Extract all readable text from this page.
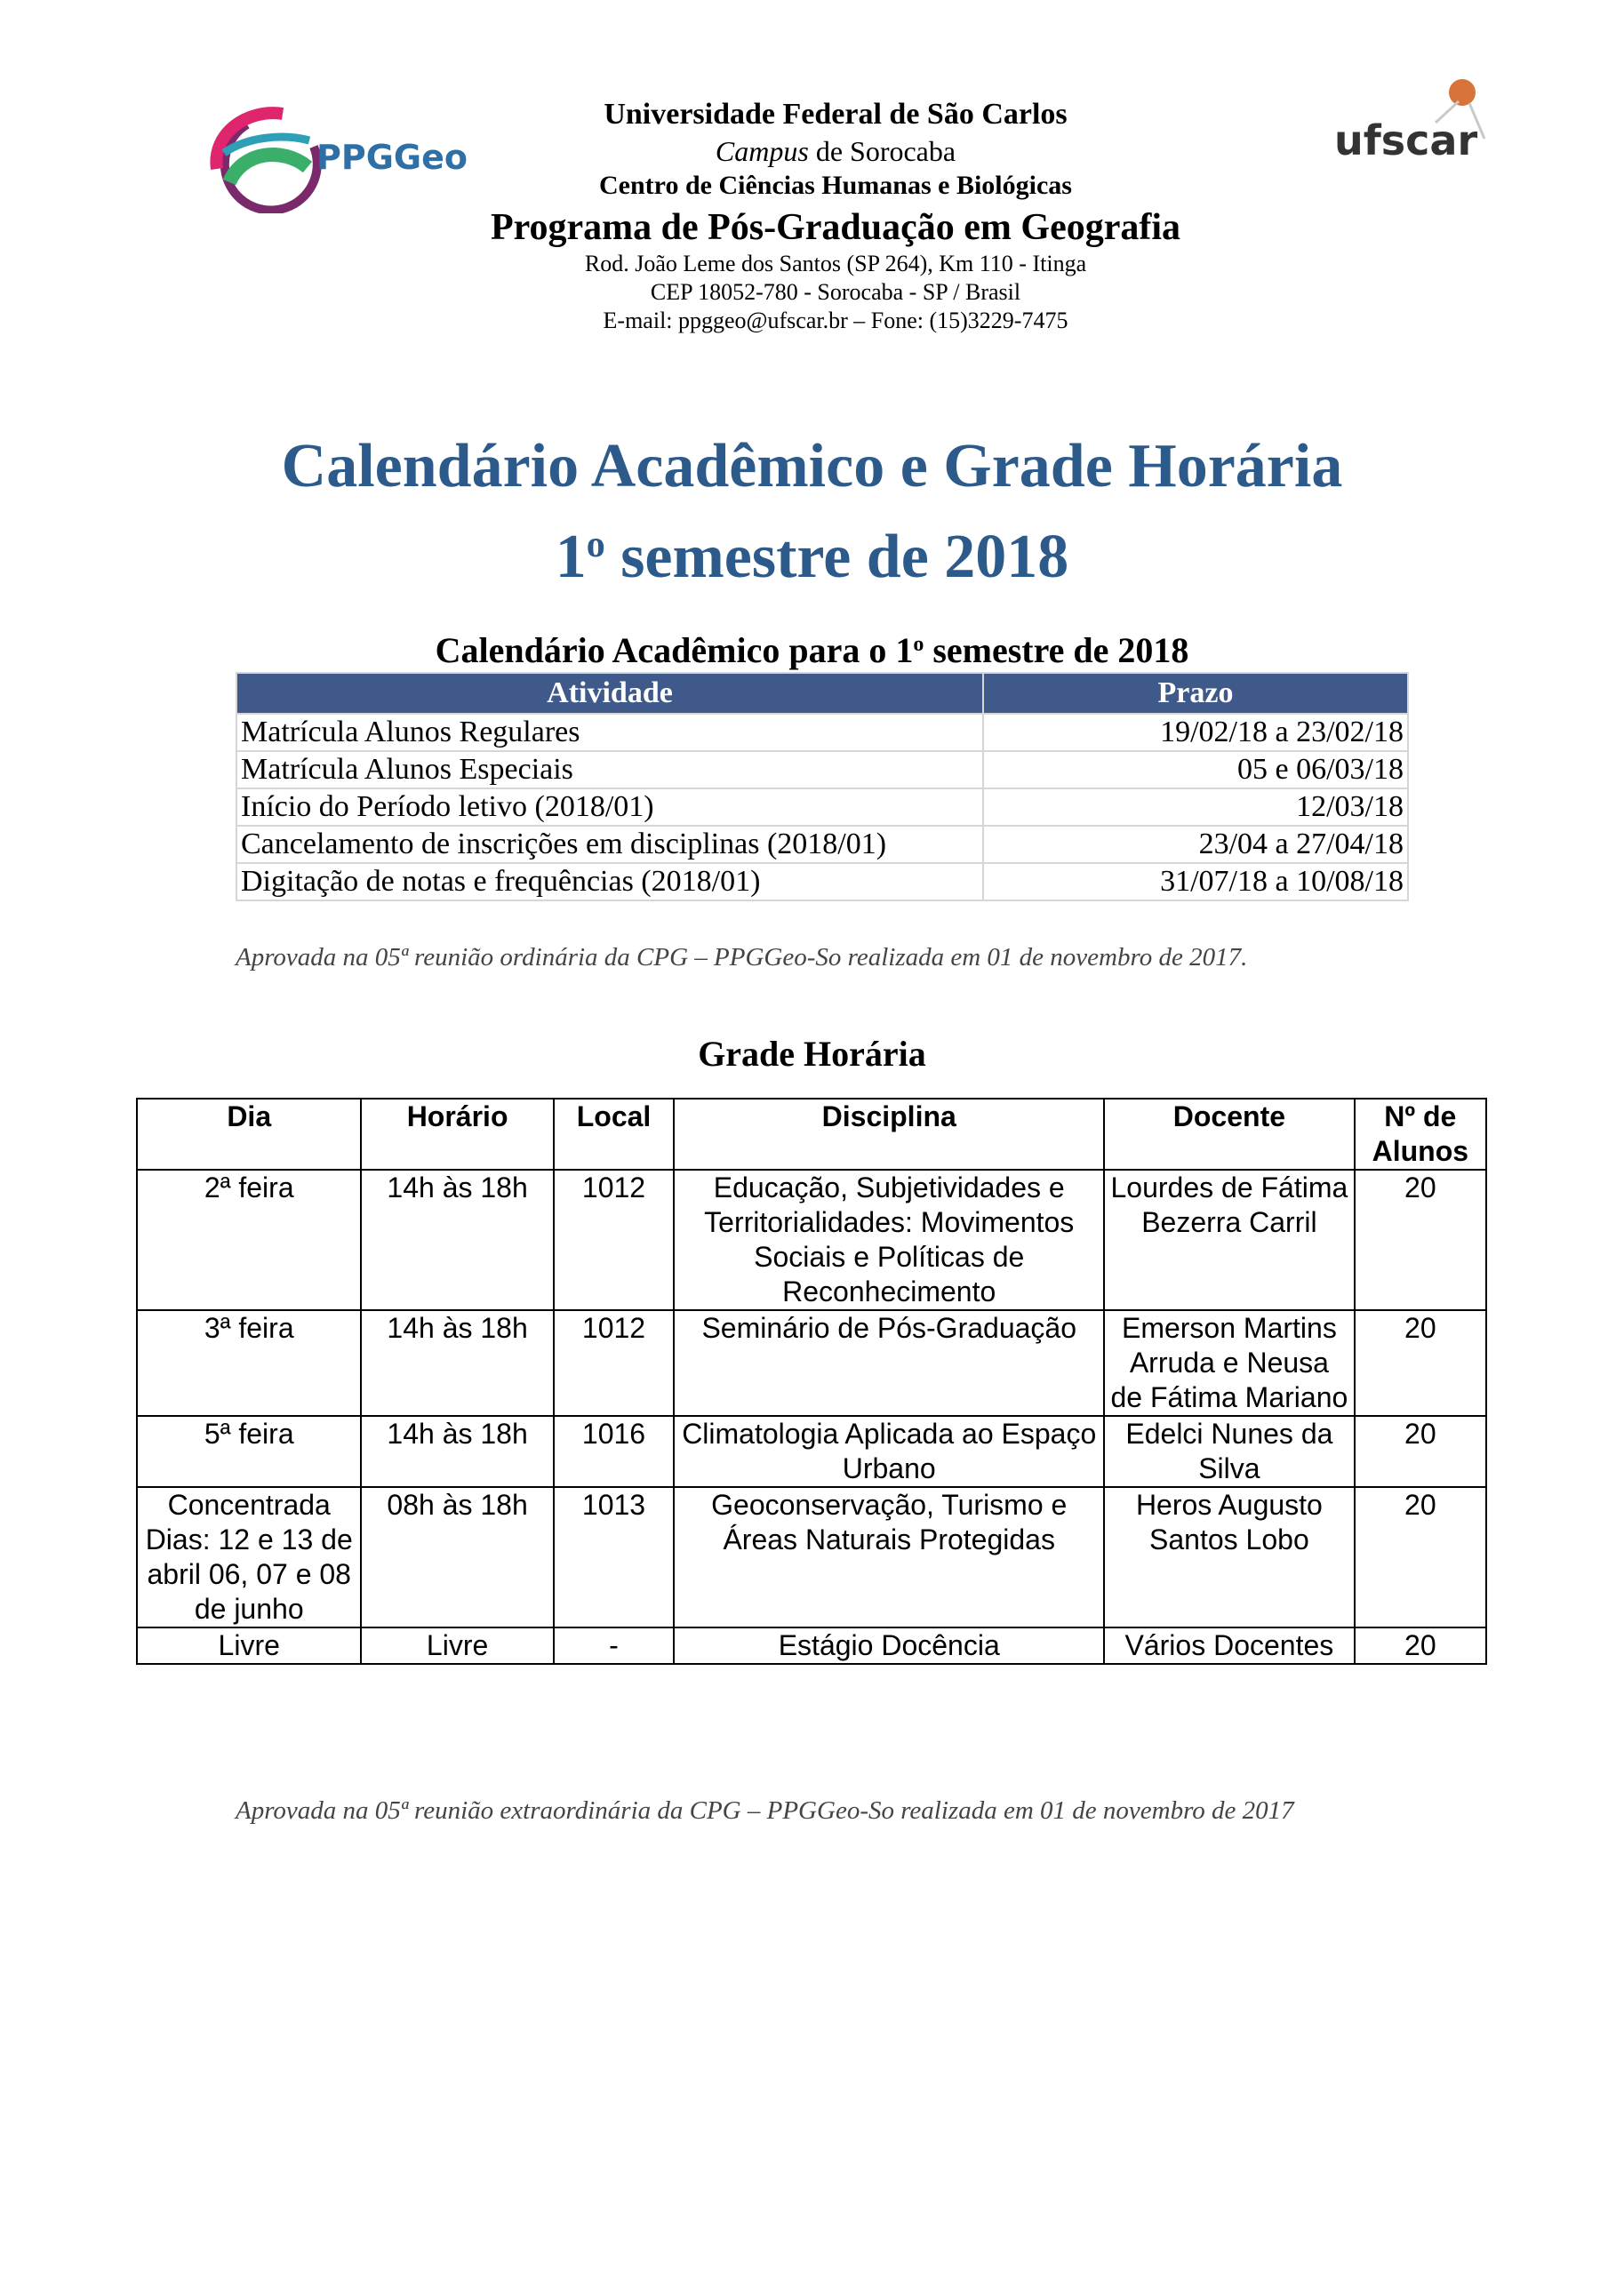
PPGGeo	ufscar
Universidade Federal de São Carlos
Campus de Sorocaba
Centro de Ciências Humanas e Biológicas
Programa de Pós-Graduação em Geografia
Rod. João Leme dos Santos (SP 264), Km 110 - Itinga
CEP 18052-780 - Sorocaba - SP / Brasil
E-mail: ppggeo@ufscar.br – Fone: (15)3229-7475
Calendário Acadêmico e Grade Horária
1$^o$ semestre de 2018
Calendário Acadêmico para o 1$^o$ semestre de 2018
Atividade	Prazo
Matrícula Alunos Regulares	19/02/18 a 23/02/18
Matrícula Alunos Especiais	05 e 06/03/18
Início do Período letivo (2018/01)	12/03/18
Cancelamento de inscrições em disciplinas (2018/01)	23/04 a 27/04/18
Digitação de notas e frequências (2018/01)	31/07/18 a 10/08/18
Aprovada na 05ª reunião ordinária da CPG – PPGGeo-So realizada em 01 de novembro de 2017.
Grade Horária
Dia	Horário	Local	Disciplina	Docente	Nº de Alunos
2ª feira	14h às 18h	1012	Educação, Subjetividades e Territorialidades: Movimentos Sociais e Políticas de Reconhecimento	Lourdes de Fátima Bezerra Carril	20
3ª feira	14h às 18h	1012	Seminário de Pós-Graduação	Emerson Martins Arruda e Neusa de Fátima Mariano	20
5ª feira	14h às 18h	1016	Climatologia Aplicada ao Espaço Urbano	Edelci Nunes da Silva	20
Concentrada Dias: 12 e 13 de abril 06, 07 e 08 de junho	08h às 18h	1013	Geoconservação, Turismo e Áreas Naturais Protegidas	Heros Augusto Santos Lobo	20
Livre	Livre	-	Estágio Docência	Vários Docentes	20
Aprovada na 05ª reunião extraordinária da CPG – PPGGeo-So realizada em 01 de novembro de 2017
